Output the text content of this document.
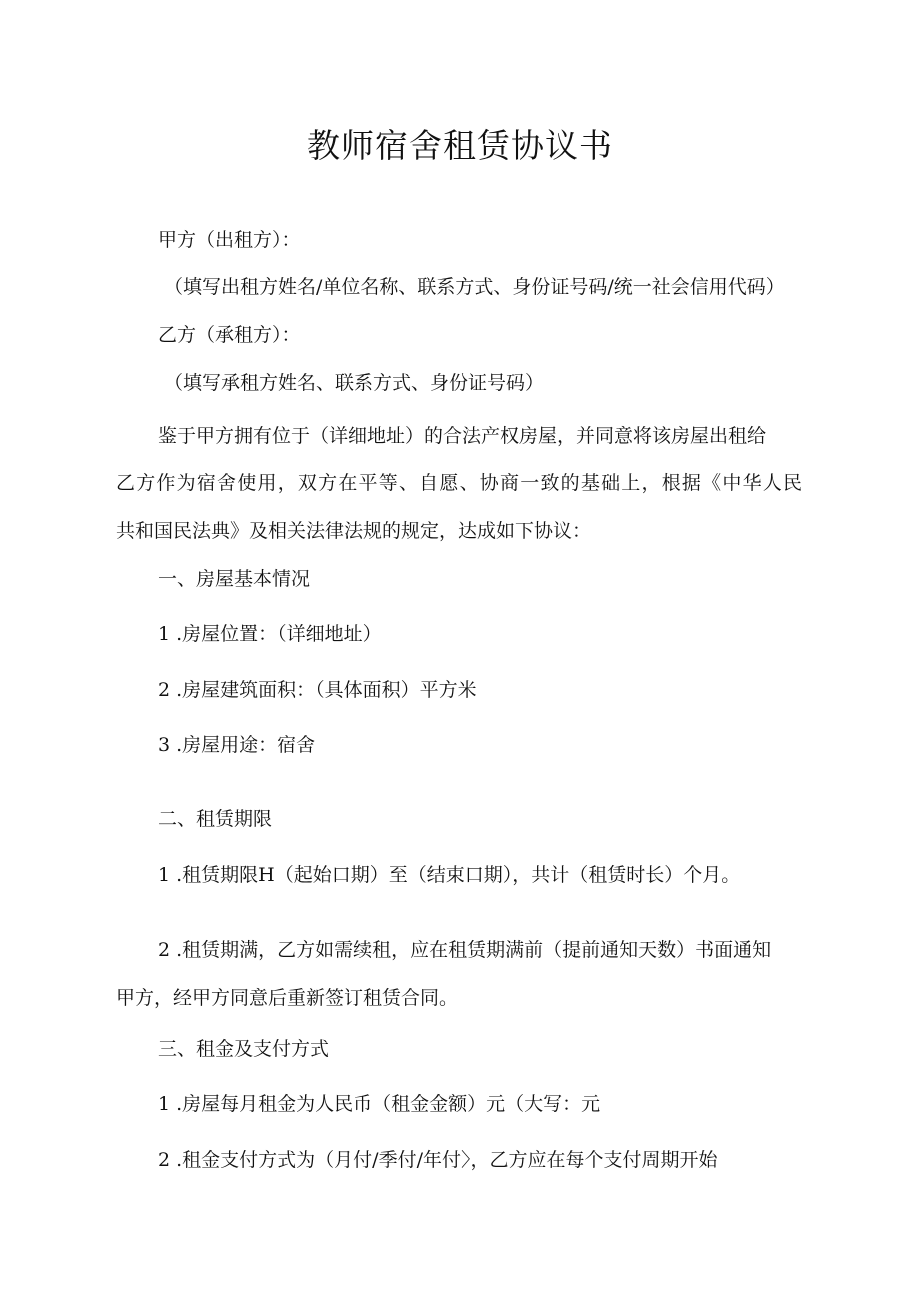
教师宿舍租赁协议书
甲方（出租方）：
（填写出租方姓名/单位名称、联系方式、身份证号码/统一社会信用代码）
乙方（承租方）：
（填写承租方姓名、联系方式、身份证号码）
鉴于甲方拥有位于（详细地址）的合法产权房屋，并同意将该房屋出租给
乙方作为宿舍使用，双方在平等、自愿、协商一致的基础上，根据《中华人民
共和国民法典》及相关法律法规的规定，达成如下协议：
一、房屋基本情况
1 .房屋位置：（详细地址）
2 .房屋建筑面积：（具体面积）平方米
3 .房屋用途：宿舍
二、租赁期限
1 .租赁期限H（起始口期）至（结束口期），共计（租赁时长）个月。
2 .租赁期满，乙方如需续租，应在租赁期满前（提前通知天数）书面通知
甲方，经甲方同意后重新签订租赁合同。
三、租金及支付方式
1 .房屋每月租金为人民币（租金金额）元（大写：元
2 .租金支付方式为（月付/季付/年付〉，乙方应在每个支付周期开始
